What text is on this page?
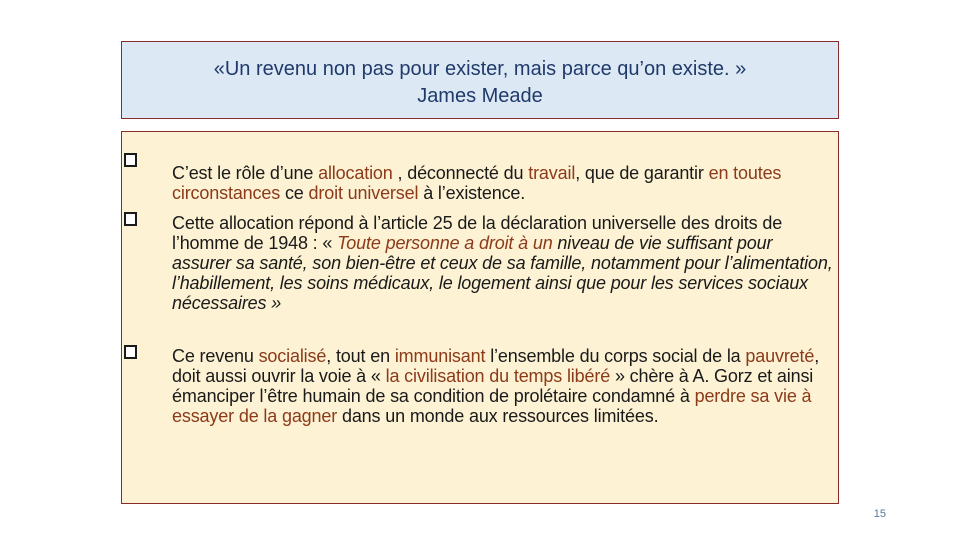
«Un revenu non pas pour exister, mais parce qu’on existe. »
James Meade
C’est le rôle d’une allocation , déconnecté du travail, que de garantir en toutes circonstances ce droit universel à l’existence.
Cette allocation répond à l’article 25 de la déclaration universelle des droits de l’homme de 1948 : « Toute personne a droit à un niveau de vie suffisant pour assurer sa santé, son bien-être et ceux de sa famille, notamment pour l’alimentation, l’habillement, les soins médicaux, le logement ainsi que pour les services sociaux nécessaires »
Ce revenu socialisé, tout en immunisant l’ensemble du corps social de la pauvreté, doit aussi ouvrir la voie à « la civilisation du temps libéré » chère à A. Gorz et ainsi émanciper l’être humain de sa condition de prolétaire condamné à perdre sa vie à essayer de la gagner dans un monde aux ressources limitées.
15
